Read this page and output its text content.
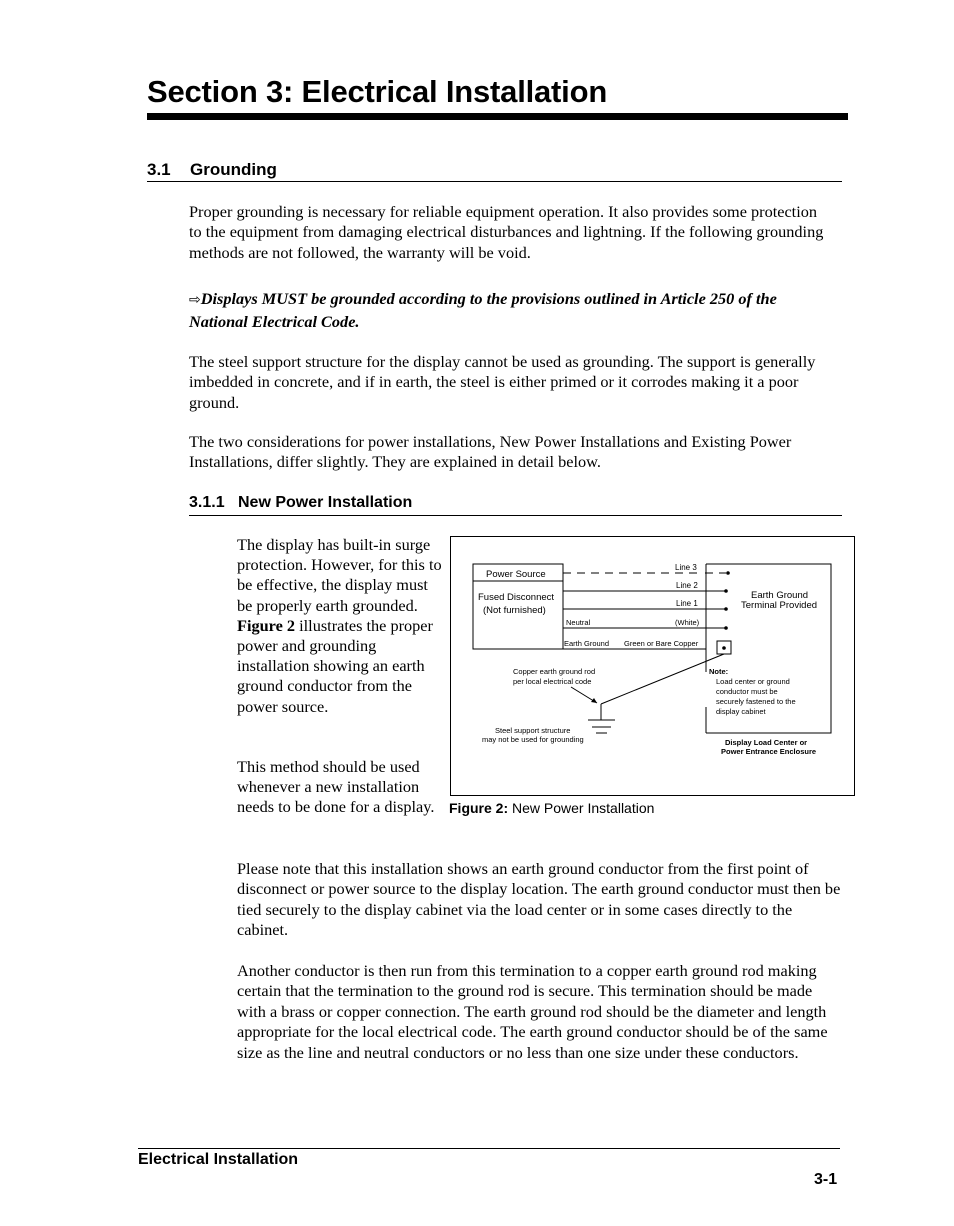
Section 3: Electrical Installation
3.1 Grounding
Proper grounding is necessary for reliable equipment operation. It also provides some protection to the equipment from damaging electrical disturbances and lightning. If the following grounding methods are not followed, the warranty will be void.
⇨Displays MUST be grounded according to the provisions outlined in Article 250 of the National Electrical Code.
The steel support structure for the display cannot be used as grounding. The support is generally imbedded in concrete, and if in earth, the steel is either primed or it corrodes making it a poor ground.
The two considerations for power installations, New Power Installations and Existing Power Installations, differ slightly. They are explained in detail below.
3.1.1 New Power Installation
The display has built-in surge protection. However, for this to be effective, the display must be properly earth grounded. Figure 2 illustrates the proper power and grounding installation showing an earth ground conductor from the power source.
This method should be used whenever a new installation needs to be done for a display.
Power Source
Fused Disconnect
(Not furnished)
Line 3
Line 2
Line 1
Neutral	(White)
Earth Ground Green or Bare Copper
Earth Ground
Terminal Provided
Copper earth ground rod
per local electrical code
Steel support structure
may not be used for grounding
Note:
Load center or ground
conductor must be
securely fastened to the
display cabinet
Display Load Center or
Power Entrance Enclosure
Figure 2: New Power Installation
Please note that this installation shows an earth ground conductor from the first point of disconnect or power source to the display location. The earth ground conductor must then be tied securely to the display cabinet via the load center or in some cases directly to the cabinet.
Another conductor is then run from this termination to a copper earth ground rod making certain that the termination to the ground rod is secure. This termination should be made with a brass or copper connection. The earth ground rod should be the diameter and length appropriate for the local electrical code. The earth ground conductor should be of the same size as the line and neutral conductors or no less than one size under these conductors.
Electrical Installation
3-1
